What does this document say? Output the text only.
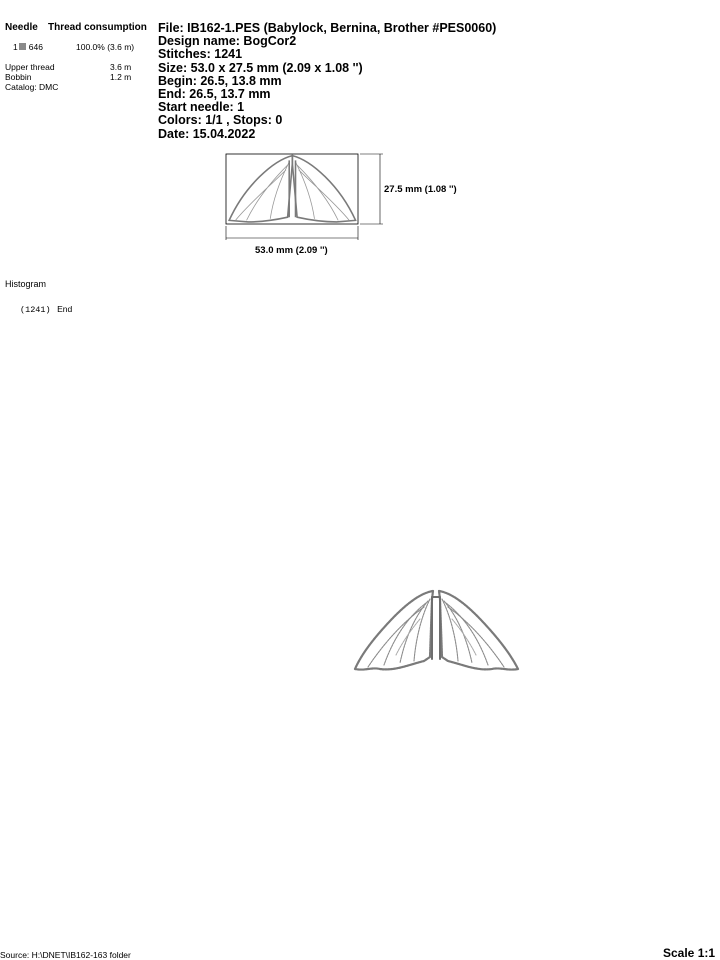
Needle Thread consumption
1 646	100.0% (3.6 m)
Upper thread	3.6 m
Bobbin	1.2 m
Catalog: DMC
File: IB162-1.PES (Babylock, Bernina, Brother #PES0060)
Design name: BogCor2
Stitches: 1241
Size: 53.0 x 27.5 mm (2.09 x 1.08 '')
Begin: 26.5, 13.8 mm
End: 26.5, 13.7 mm
Start needle: 1
Colors: 1/1 , Stops: 0
Date: 15.04.2022
27.5 mm (1.08 '')
53.0 mm (2.09 '')
Histogram
(1241) End
Source: H:\DNET\IB162-163 folder	Scale 1:1
